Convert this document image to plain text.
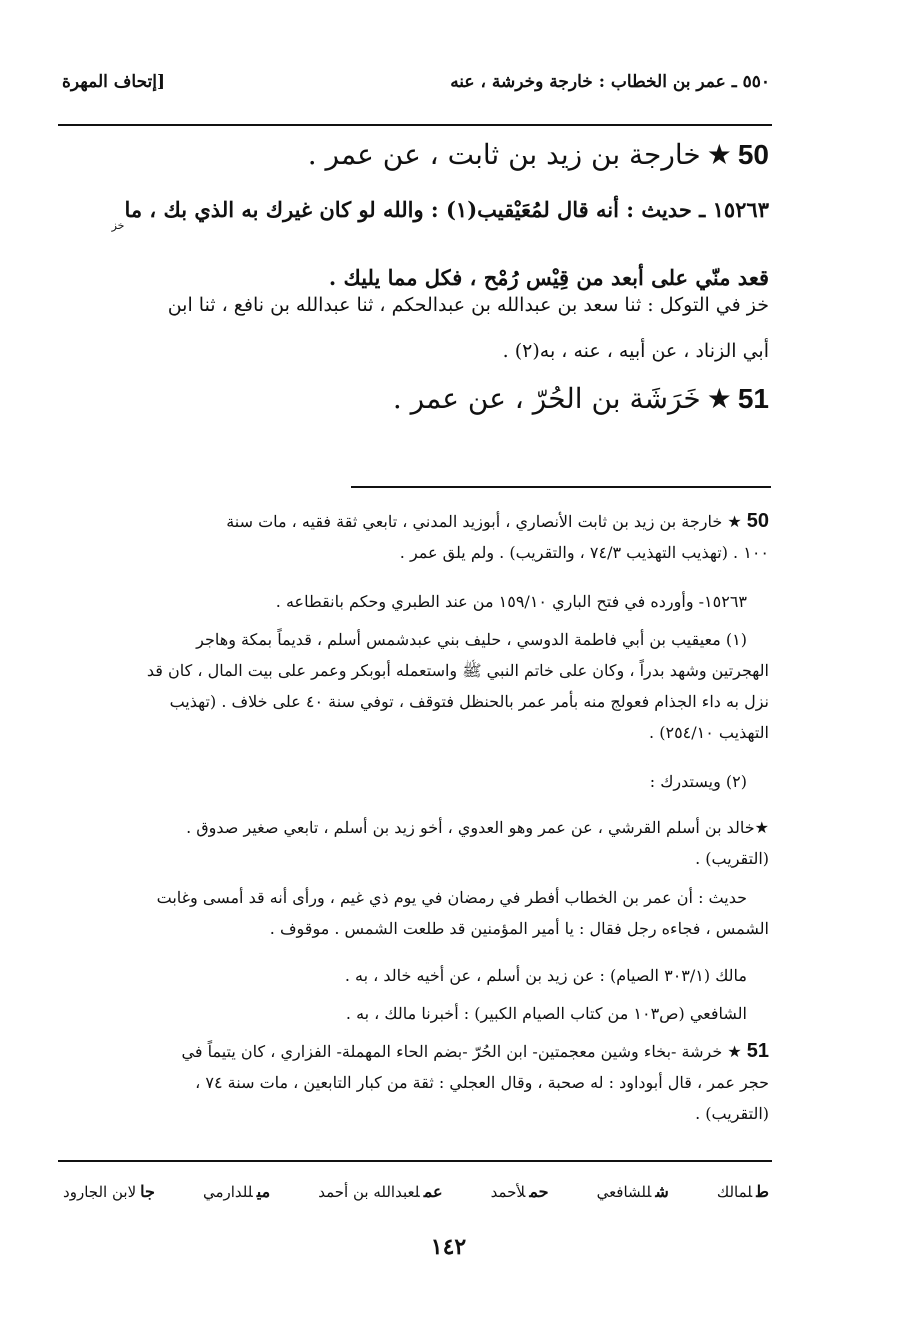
٥٥٠ ـ عمر بن الخطاب : خارجة وخرشة ، عنه
[إتحاف المهرة
50★خارجة بن زيد بن ثابت ، عن عمر .
١٥٢٦٣ ـ حديث : أنه قال لمُعَيْقيب(١) : والله لو كان غيرك به الذي بك ، ما$_{خز}$
قعد منّي على أبعد من قِيْس رُمْح ، فكل مما يليك .
خز في التوكل : ثنا سعد بن عبدالله بن عبدالحكم ، ثنا عبدالله بن نافع ، ثنا ابن
أبي الزناد ، عن أبيه ، عنه ، به(٢) .
51★خَرَشَة بن الحُرّ ، عن عمر .
50 ★ خارجة بن زيد بن ثابت الأنصاري ، أبوزيد المدني ، تابعي ثقة فقيه ، مات سنة
١٠٠ . (تهذيب التهذيب ٧٤/٣ ، والتقريب) . ولم يلق عمر .
١٥٢٦٣- وأورده في فتح الباري ١٥٩/١٠ من عند الطبري وحكم بانقطاعه .
(١) معيقيب بن أبي فاطمة الدوسي ، حليف بني عبدشمس أسلم ، قديماً بمكة وهاجر
الهجرتين وشهد بدراً ، وكان على خاتم النبي ﷺ واستعمله أبوبكر وعمر على بيت المال ، كان قد
نزل به داء الجذام فعولج منه بأمر عمر بالحنظل فتوقف ، توفي سنة ٤٠ على خلاف . (تهذيب
التهذيب ٢٥٤/١٠) .
(٢) ويستدرك :
★خالد بن أسلم القرشي ، عن عمر وهو العدوي ، أخو زيد بن أسلم ، تابعي صغير صدوق .
(التقريب) .
حديث : أن عمر بن الخطاب أفطر في رمضان في يوم ذي غيم ، ورأى أنه قد أمسى وغابت
الشمس ، فجاءه رجل فقال : يا أمير المؤمنين قد طلعت الشمس . موقوف .
مالك (٣٠٣/١ الصيام) : عن زيد بن أسلم ، عن أخيه خالد ، به .
الشافعي (ص١٠٣ من كتاب الصيام الكبير) : أخبرنا مالك ، به .
51 ★ خرشة -بخاء وشين معجمتين- ابن الحُرّ -بضم الحاء المهملة- الفزاري ، كان يتيماً في
حجر عمر ، قال أبوداود : له صحبة ، وقال العجلي : ثقة من كبار التابعين ، مات سنة ٧٤ ،
(التقريب) .
طلمالك
شللشافعي
حملأحمد
عملعبدالله بن أحمد
ميللدارمي
جالابن الجارود
١٤٢
